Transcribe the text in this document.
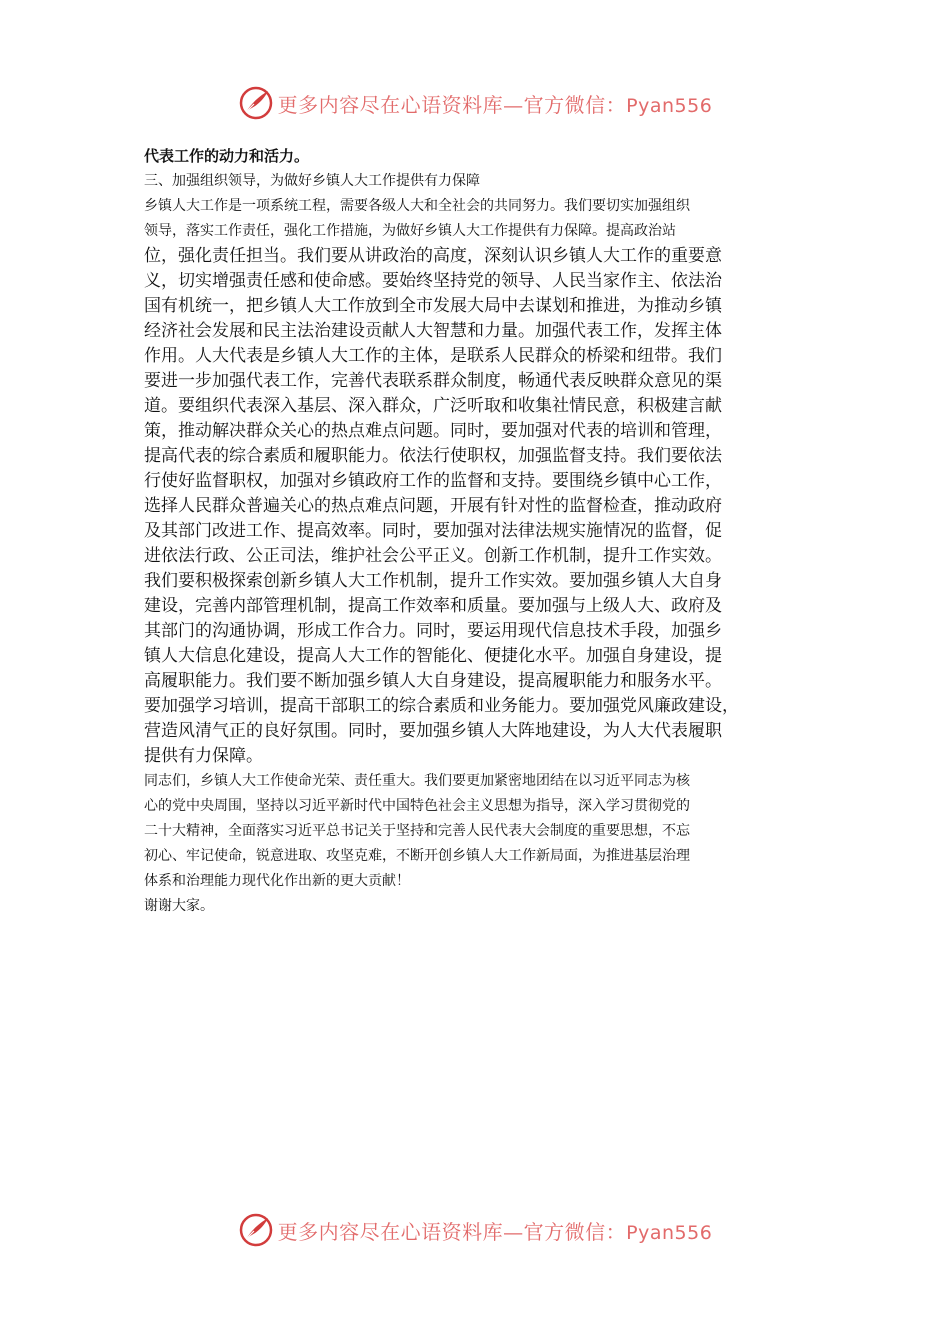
更多内容尽在心语资料库—官方微信：Pyan556

代表工作的动力和活力。

三、加强组织领导，为做好乡镇人大工作提供有力保障

乡镇人大工作是一项系统工程，需要各级人大和全社会的共同努力。我们要切实加强组织

领导，落实工作责任，强化工作措施，为做好乡镇人大工作提供有力保障。提高政治站

位，强化责任担当。我们要从讲政治的高度，深刻认识乡镇人大工作的重要意

义，切实增强责任感和使命感。要始终坚持党的领导、人民当家作主、依法治

国有机统一，把乡镇人大工作放到全市发展大局中去谋划和推进，为推动乡镇

经济社会发展和民主法治建设贡献人大智慧和力量。加强代表工作，发挥主体

作用。人大代表是乡镇人大工作的主体，是联系人民群众的桥梁和纽带。我们

要进一步加强代表工作，完善代表联系群众制度，畅通代表反映群众意见的渠

道。要组织代表深入基层、深入群众，广泛听取和收集社情民意，积极建言献

策，推动解决群众关心的热点难点问题。同时，要加强对代表的培训和管理，

提高代表的综合素质和履职能力。依法行使职权，加强监督支持。我们要依法

行使好监督职权，加强对乡镇政府工作的监督和支持。要围绕乡镇中心工作，

选择人民群众普遍关心的热点难点问题，开展有针对性的监督检查，推动政府

及其部门改进工作、提高效率。同时，要加强对法律法规实施情况的监督，促

进依法行政、公正司法，维护社会公平正义。创新工作机制，提升工作实效。

我们要积极探索创新乡镇人大工作机制，提升工作实效。要加强乡镇人大自身

建设，完善内部管理机制，提高工作效率和质量。要加强与上级人大、政府及

其部门的沟通协调，形成工作合力。同时，要运用现代信息技术手段，加强乡

镇人大信息化建设，提高人大工作的智能化、便捷化水平。加强自身建设，提

高履职能力。我们要不断加强乡镇人大自身建设，提高履职能力和服务水平。

要加强学习培训，提高干部职工的综合素质和业务能力。要加强党风廉政建设，

营造风清气正的良好氛围。同时，要加强乡镇人大阵地建设，为人大代表履职

提供有力保障。

同志们，乡镇人大工作使命光荣、责任重大。我们要更加紧密地团结在以习近平同志为核

心的党中央周围，坚持以习近平新时代中国特色社会主义思想为指导，深入学习贯彻党的

二十大精神，全面落实习近平总书记关于坚持和完善人民代表大会制度的重要思想，不忘

初心、牢记使命，锐意进取、攻坚克难，不断开创乡镇人大工作新局面，为推进基层治理

体系和治理能力现代化作出新的更大贡献！

谢谢大家。

更多内容尽在心语资料库—官方微信：Pyan556
